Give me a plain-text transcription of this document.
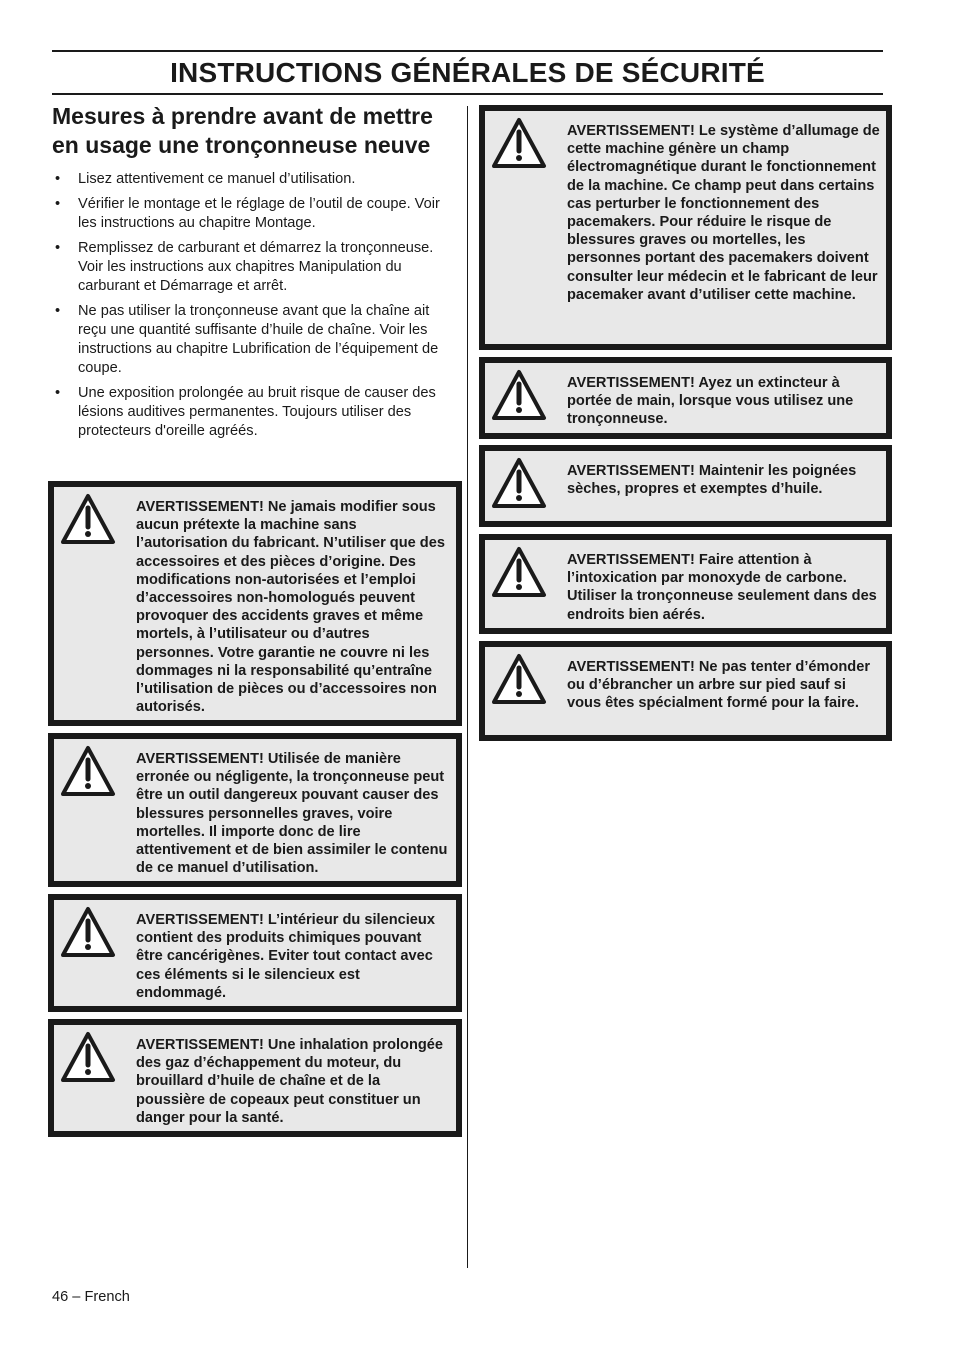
INSTRUCTIONS GÉNÉRALES DE SÉCURITÉ
Mesures à prendre avant de mettre en usage une tronçonneuse neuve
• Lisez attentivement ce manuel d’utilisation.
• Vérifier le montage et le réglage de l’outil de coupe. Voir les instructions au chapitre Montage.
• Remplissez de carburant et démarrez la tronçonneuse. Voir les instructions aux chapitres Manipulation du carburant et Démarrage et arrêt.
• Ne pas utiliser la tronçonneuse avant que la chaîne ait reçu une quantité suffisante d’huile de chaîne. Voir les instructions au chapitre Lubrification de l’équipement de coupe.
• Une exposition prolongée au bruit risque de causer des lésions auditives permanentes. Toujours utiliser des protecteurs d'oreille agréés.
AVERTISSEMENT! Ne jamais modifier sous aucun prétexte la machine sans l’autorisation du fabricant. N’utiliser que des accessoires et des pièces d’origine. Des modifications non-autorisées et l’emploi d’accessoires non-homologués peuvent provoquer des accidents graves et même mortels, à l’utilisateur ou d’autres personnes. Votre garantie ne couvre ni les dommages ni la responsabilité qu’entraîne l’utilisation de pièces ou d’accessoires non autorisés.
AVERTISSEMENT! Utilisée de manière erronée ou négligente, la tronçonneuse peut être un outil dangereux pouvant causer des blessures personnelles graves, voire mortelles. Il importe donc de lire attentivement et de bien assimiler le contenu de ce manuel d’utilisation.
AVERTISSEMENT! L’intérieur du silencieux contient des produits chimiques pouvant être cancérigènes. Eviter tout contact avec ces éléments si le silencieux est endommagé.
AVERTISSEMENT! Une inhalation prolongée des gaz d’échappement du moteur, du brouillard d’huile de chaîne et de la poussière de copeaux peut constituer un danger pour la santé.
AVERTISSEMENT! Le système d’allumage de cette machine génère un champ électromagnétique durant le fonctionnement de la machine. Ce champ peut dans certains cas perturber le fonctionnement des pacemakers. Pour réduire le risque de blessures graves ou mortelles, les personnes portant des pacemakers doivent consulter leur médecin et le fabricant de leur pacemaker avant d’utiliser cette machine.
AVERTISSEMENT! Ayez un extincteur à portée de main, lorsque vous utilisez une tronçonneuse.
AVERTISSEMENT! Maintenir les poignées sèches, propres et exemptes d’huile.
AVERTISSEMENT! Faire attention à l’intoxication par monoxyde de carbone. Utiliser la tronçonneuse seulement dans des endroits bien aérés.
AVERTISSEMENT! Ne pas tenter d’émonder ou d’ébrancher un arbre sur pied sauf si vous êtes spécialment formé pour la faire.
46 – French
